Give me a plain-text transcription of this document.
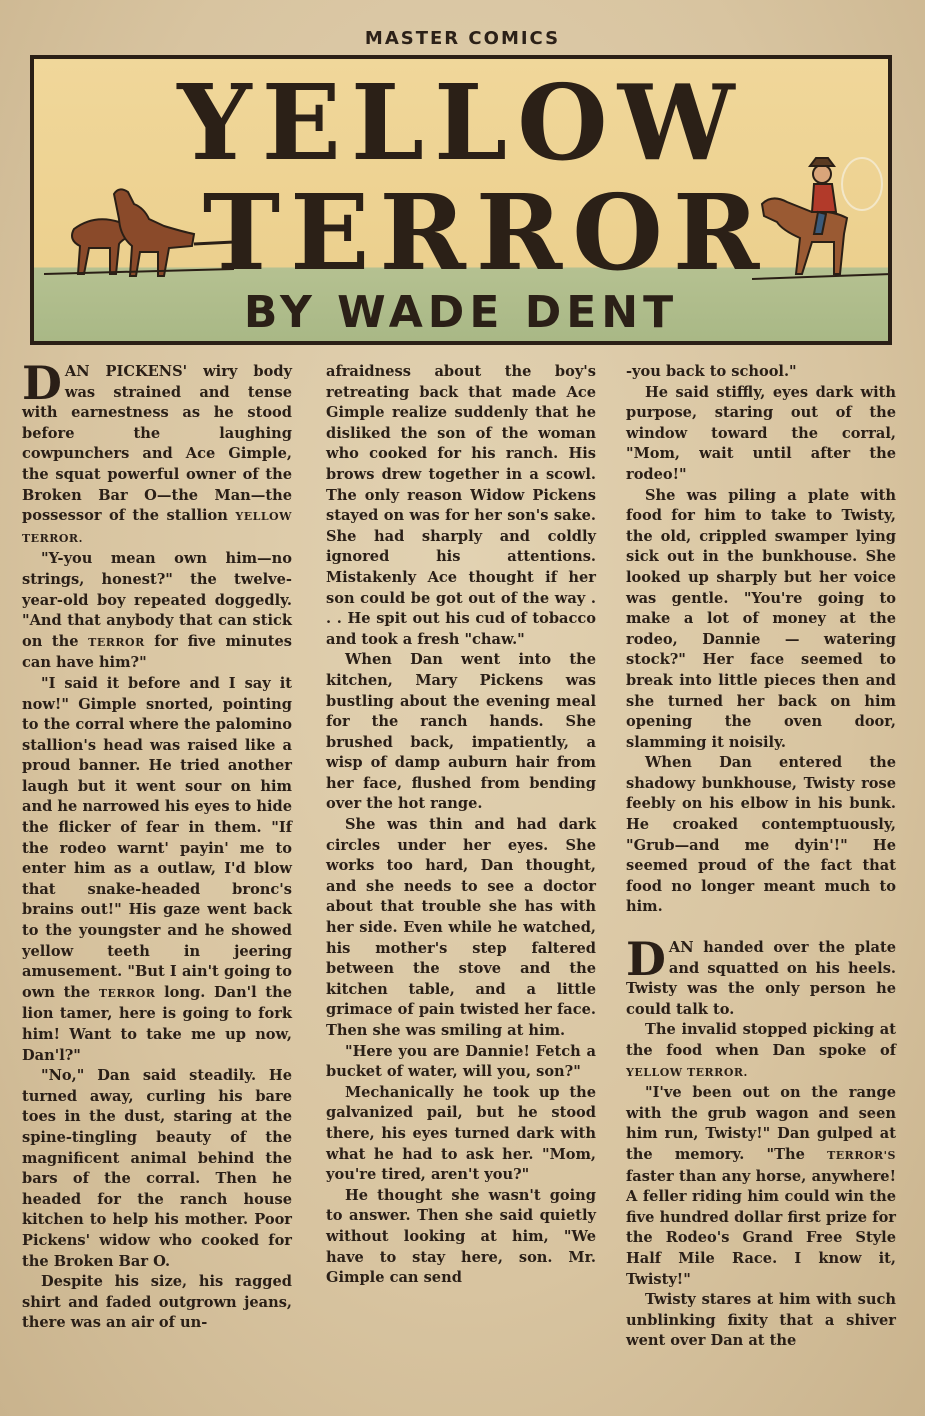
MASTER COMICS
YELLOW
TERROR
BY WADE DENT

DAN PICKENS' wiry body was strained and tense with earnestness as he stood before the laughing cowpunchers and Ace Gimple, the squat powerful owner of the Broken Bar O—the Man—the possessor of the stallion YELLOW TERROR.

"Y-you mean own him—no strings, honest?" the twelve-year-old boy repeated doggedly. "And that anybody that can stick on the TERROR for five minutes can have him?"

"I said it before and I say it now!" Gimple snorted, pointing to the corral where the palomino stallion's head was raised like a proud banner. He tried another laugh but it went sour on him and he narrowed his eyes to hide the flicker of fear in them. "If the rodeo warnt' payin' me to enter him as a outlaw, I'd blow that snake-headed bronc's brains out!" His gaze went back to the youngster and he showed yellow teeth in jeering amusement. "But I ain't going to own the TERROR long. Dan'l the lion tamer, here is going to fork him! Want to take me up now, Dan'l?"

"No," Dan said steadily. He turned away, curling his bare toes in the dust, staring at the spine-tingling beauty of the magnificent animal behind the bars of the corral. Then he headed for the ranch house kitchen to help his mother. Poor Pickens' widow who cooked for the Broken Bar O.

Despite his size, his ragged shirt and faded outgrown jeans, there was an air of un-

afraidness about the boy's retreating back that made Ace Gimple realize suddenly that he disliked the son of the woman who cooked for his ranch. His brows drew together in a scowl. The only reason Widow Pickens stayed on was for her son's sake. She had sharply and coldly ignored his attentions. Mistakenly Ace thought if her son could be got out of the way . . . He spit out his cud of tobacco and took a fresh "chaw."

When Dan went into the kitchen, Mary Pickens was bustling about the evening meal for the ranch hands. She brushed back, impatiently, a wisp of damp auburn hair from her face, flushed from bending over the hot range.

She was thin and had dark circles under her eyes. She works too hard, Dan thought, and she needs to see a doctor about that trouble she has with her side. Even while he watched, his mother's step faltered between the stove and the kitchen table, and a little grimace of pain twisted her face. Then she was smiling at him.

"Here you are Dannie! Fetch a bucket of water, will you, son?"

Mechanically he took up the galvanized pail, but he stood there, his eyes turned dark with what he had to ask her. "Mom, you're tired, aren't you?"

He thought she wasn't going to answer. Then she said quietly without looking at him, "We have to stay here, son. Mr. Gimple can send

-you back to school."

He said stiffly, eyes dark with purpose, staring out of the window toward the corral, "Mom, wait until after the rodeo!"

She was piling a plate with food for him to take to Twisty, the old, crippled swamper lying sick out in the bunkhouse. She looked up sharply but her voice was gentle. "You're going to make a lot of money at the rodeo, Dannie — watering stock?" Her face seemed to break into little pieces then and she turned her back on him opening the oven door, slamming it noisily.

When Dan entered the shadowy bunkhouse, Twisty rose feebly on his elbow in his bunk. He croaked contemptuously, "Grub—and me dyin'!" He seemed proud of the fact that food no longer meant much to him.

DAN handed over the plate and squatted on his heels. Twisty was the only person he could talk to.

The invalid stopped picking at the food when Dan spoke of YELLOW TERROR.

"I've been out on the range with the grub wagon and seen him run, Twisty!" Dan gulped at the memory. "The TERROR'S faster than any horse, anywhere! A feller riding him could win the five hundred dollar first prize for the Rodeo's Grand Free Style Half Mile Race. I know it, Twisty!"

Twisty stares at him with such unblinking fixity that a shiver went over Dan at the
